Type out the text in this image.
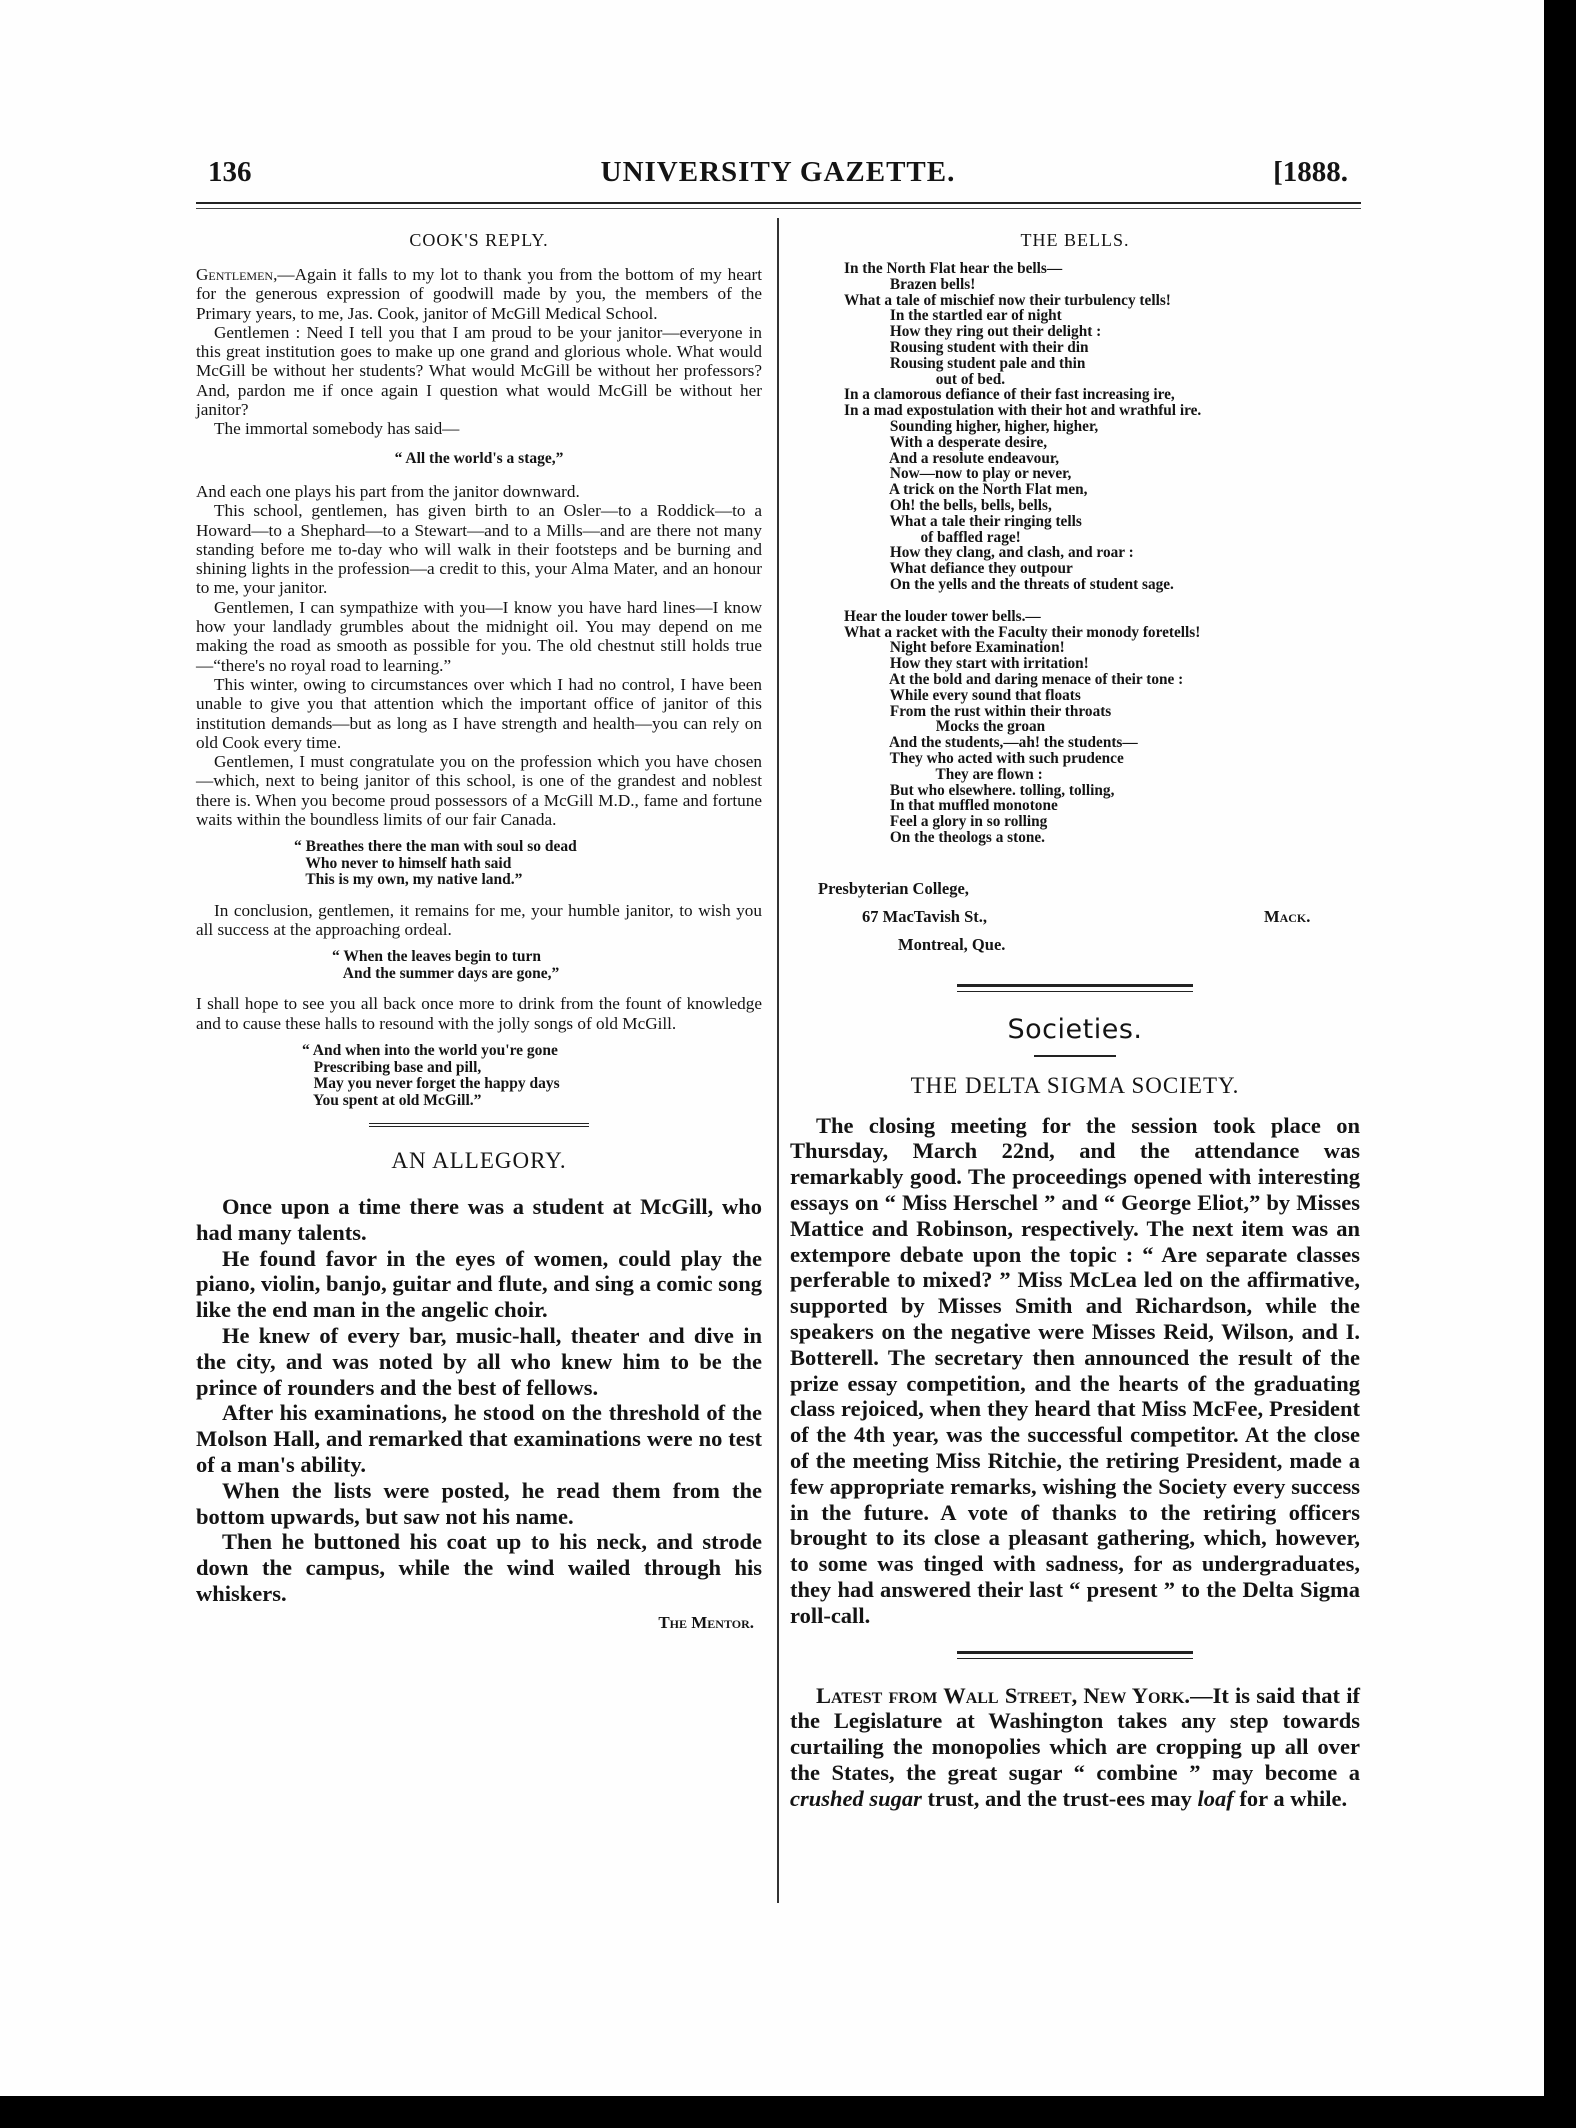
136	UNIVERSITY GAZETTE.	[1888.
COOK'S REPLY.

Gentlemen,—Again it falls to my lot to thank you from the bottom of my heart for the generous expression of goodwill made by you, the members of the Primary years, to me, Jas. Cook, janitor of McGill Medical School.

Gentlemen : Need I tell you that I am proud to be your janitor—everyone in this great institution goes to make up one grand and glorious whole. What would McGill be without her students? What would McGill be without her professors? And, pardon me if once again I question what would McGill be without her janitor?

The immortal somebody has said—

“ All the world's a stage,”

And each one plays his part from the janitor downward.

This school, gentlemen, has given birth to an Osler—to a Roddick—to a Howard—to a Shephard—to a Stewart—and to a Mills—and are there not many standing before me to-day who will walk in their footsteps and be burning and shining lights in the profession—a credit to this, your Alma Mater, and an honour to me, your janitor.

Gentlemen, I can sympathize with you—I know you have hard lines—I know how your landlady grumbles about the midnight oil. You may depend on me making the road as smooth as possible for you. The old chestnut still holds true—“there's no royal road to learning.”

This winter, owing to circumstances over which I had no control, I have been unable to give you that attention which the important office of janitor of this institution demands—but as long as I have strength and health—you can rely on old Cook every time.

Gentlemen, I must congratulate you on the profession which you have chosen—which, next to being janitor of this school, is one of the grandest and noblest there is. When you become proud possessors of a McGill M.D., fame and fortune waits within the boundless limits of our fair Canada.

“ Breathes there the man with soul so dead
Who never to himself hath said
This is my own, my native land.”

In conclusion, gentlemen, it remains for me, your humble janitor, to wish you all success at the approaching ordeal.

“ When the leaves begin to turn
And the summer days are gone,”

I shall hope to see you all back once more to drink from the fount of knowledge and to cause these halls to resound with the jolly songs of old McGill.

“ And when into the world you're gone
Prescribing base and pill,
May you never forget the happy days
You spent at old McGill.”
AN ALLEGORY.

Once upon a time there was a student at McGill, who had many talents.

He found favor in the eyes of women, could play the piano, violin, banjo, guitar and flute, and sing a comic song like the end man in the angelic choir.

He knew of every bar, music-hall, theater and dive in the city, and was noted by all who knew him to be the prince of rounders and the best of fellows.

After his examinations, he stood on the threshold of the Molson Hall, and remarked that examinations were no test of a man's ability.

When the lists were posted, he read them from the bottom upwards, but saw not his name.

Then he buttoned his coat up to his neck, and strode down the campus, while the wind wailed through his whiskers.

The Mentor.
THE BELLS.
In the North Flat hear the bells—
Brazen bells!
What a tale of mischief now their turbulency tells!
In the startled ear of night
How they ring out their delight :
Rousing student with their din
Rousing student pale and thin
out of bed.
In a clamorous defiance of their fast increasing ire,
In a mad expostulation with their hot and wrathful ire.
Sounding higher, higher, higher,
With a desperate desire,
And a resolute endeavour,
Now—now to play or never,
A trick on the North Flat men,
Oh! the bells, bells, bells,
What a tale their ringing tells
of baffled rage!
How they clang, and clash, and roar :
What defiance they outpour
On the yells and the threats of student sage.
Hear the louder tower bells.—
What a racket with the Faculty their monody foretells!
Night before Examination!
How they start with irritation!
At the bold and daring menace of their tone :
While every sound that floats
From the rust within their throats
Mocks the groan
And the students,—ah! the students—
They who acted with such prudence
They are flown :
But who elsewhere. tolling, tolling,
In that muffled monotone
Feel a glory in so rolling
On the theologs a stone.
Presbyterian College,
67 MacTavish St.,
Montreal, Que.
Mack.
Societies.
THE DELTA SIGMA SOCIETY.

The closing meeting for the session took place on Thursday, March 22nd, and the attendance was remarkably good. The proceedings opened with interesting essays on “ Miss Herschel ” and “ George Eliot,” by Misses Mattice and Robinson, respectively. The next item was an extempore debate upon the topic : “ Are separate classes perferable to mixed? ” Miss McLea led on the affirmative, supported by Misses Smith and Richardson, while the speakers on the negative were Misses Reid, Wilson, and I. Botterell. The secretary then announced the result of the prize essay competition, and the hearts of the graduating class rejoiced, when they heard that Miss McFee, President of the 4th year, was the successful competitor. At the close of the meeting Miss Ritchie, the retiring President, made a few appropriate remarks, wishing the Society every success in the future. A vote of thanks to the retiring officers brought to its close a pleasant gathering, which, however, to some was tinged with sadness, for as undergraduates, they had answered their last “ present ” to the Delta Sigma roll-call.

Latest from Wall Street, New York.—It is said that if the Legislature at Washington takes any step towards curtailing the monopolies which are cropping up all over the States, the great sugar “ combine ” may become a crushed sugar trust, and the trust-ees may loaf for a while.
